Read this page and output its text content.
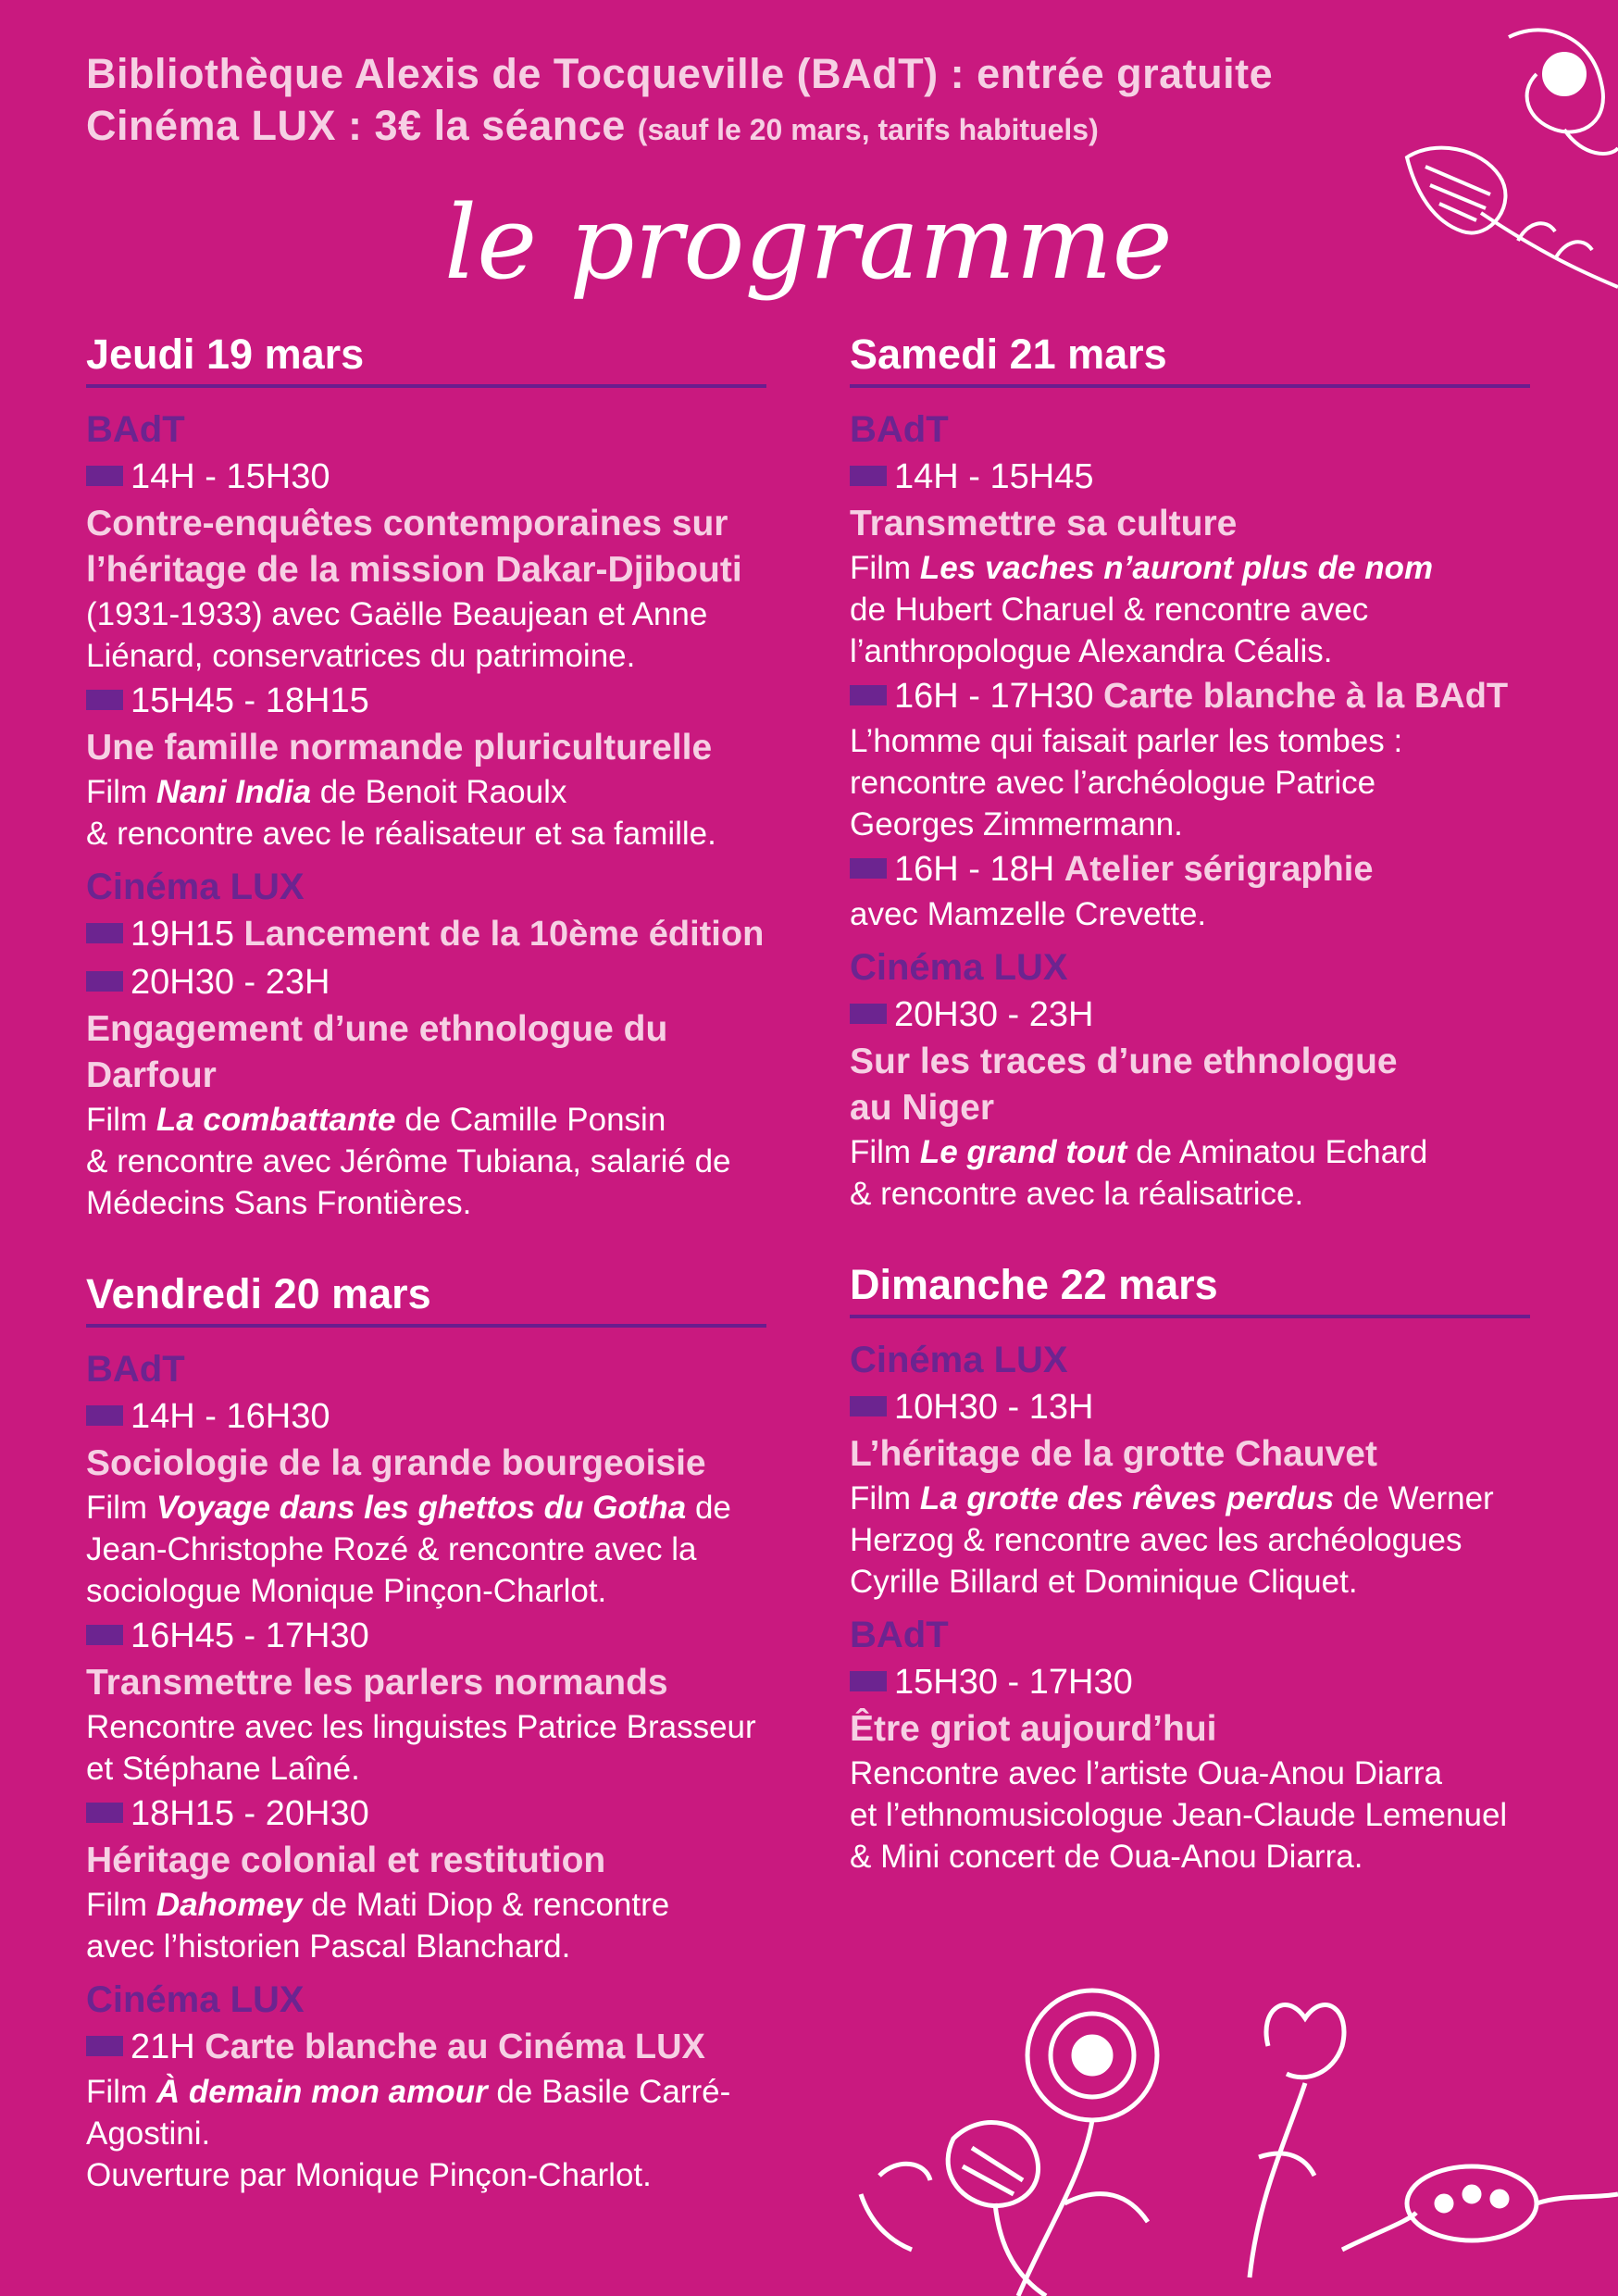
Bibliothèque Alexis de Tocqueville (BAdT) : entrée gratuite
Cinéma LUX : 3€ la séance (sauf le 20 mars, tarifs habituels)
le programme
Jeudi 19 mars
BAdT
14H - 15H30
Contre-enquêtes contemporaines sur
l’héritage de la mission Dakar-Djibouti
(1931-1933) avec Gaëlle Beaujean et Anne
Liénard, conservatrices du patrimoine.
15H45 - 18H15
Une famille normande pluriculturelle
Film Nani India de Benoit Raoulx
& rencontre avec le réalisateur et sa famille.
Cinéma LUX
19H15 Lancement de la 10ème édition
20H30 - 23H
Engagement d’une ethnologue du Darfour
Film La combattante de Camille Ponsin
& rencontre avec Jérôme Tubiana, salarié de
Médecins Sans Frontières.
Vendredi 20 mars
BAdT
14H - 16H30
Sociologie de la grande bourgeoisie
Film Voyage dans les ghettos du Gotha de
Jean-Christophe Rozé & rencontre avec la
sociologue Monique Pinçon-Charlot.
16H45 - 17H30
Transmettre les parlers normands
Rencontre avec les linguistes Patrice Brasseur
et Stéphane Laîné.
18H15 - 20H30
Héritage colonial et restitution
Film Dahomey de Mati Diop & rencontre
avec l’historien Pascal Blanchard.
Cinéma LUX
21H Carte blanche au Cinéma LUX
Film À demain mon amour de Basile Carré-
Agostini.
Ouverture par Monique Pinçon-Charlot.
Samedi 21 mars
BAdT
14H - 15H45
Transmettre sa culture
Film Les vaches n’auront plus de nom
de Hubert Charuel & rencontre avec
l’anthropologue Alexandra Céalis.
16H - 17H30 Carte blanche à la BAdT
L’homme qui faisait parler les tombes :
rencontre avec l’archéologue Patrice
Georges Zimmermann.
16H - 18H Atelier sérigraphie
avec Mamzelle Crevette.
Cinéma LUX
20H30 - 23H
Sur les traces d’une ethnologue
au Niger
Film Le grand tout de Aminatou Echard
& rencontre avec la réalisatrice.
Dimanche 22 mars
Cinéma LUX
10H30 - 13H
L’héritage de la grotte Chauvet
Film La grotte des rêves perdus de Werner
Herzog & rencontre avec les archéologues
Cyrille Billard et Dominique Cliquet.
BAdT
15H30 - 17H30
Être griot aujourd’hui
Rencontre avec l’artiste Oua-Anou Diarra
et l’ethnomusicologue Jean-Claude Lemenuel
& Mini concert de Oua-Anou Diarra.
